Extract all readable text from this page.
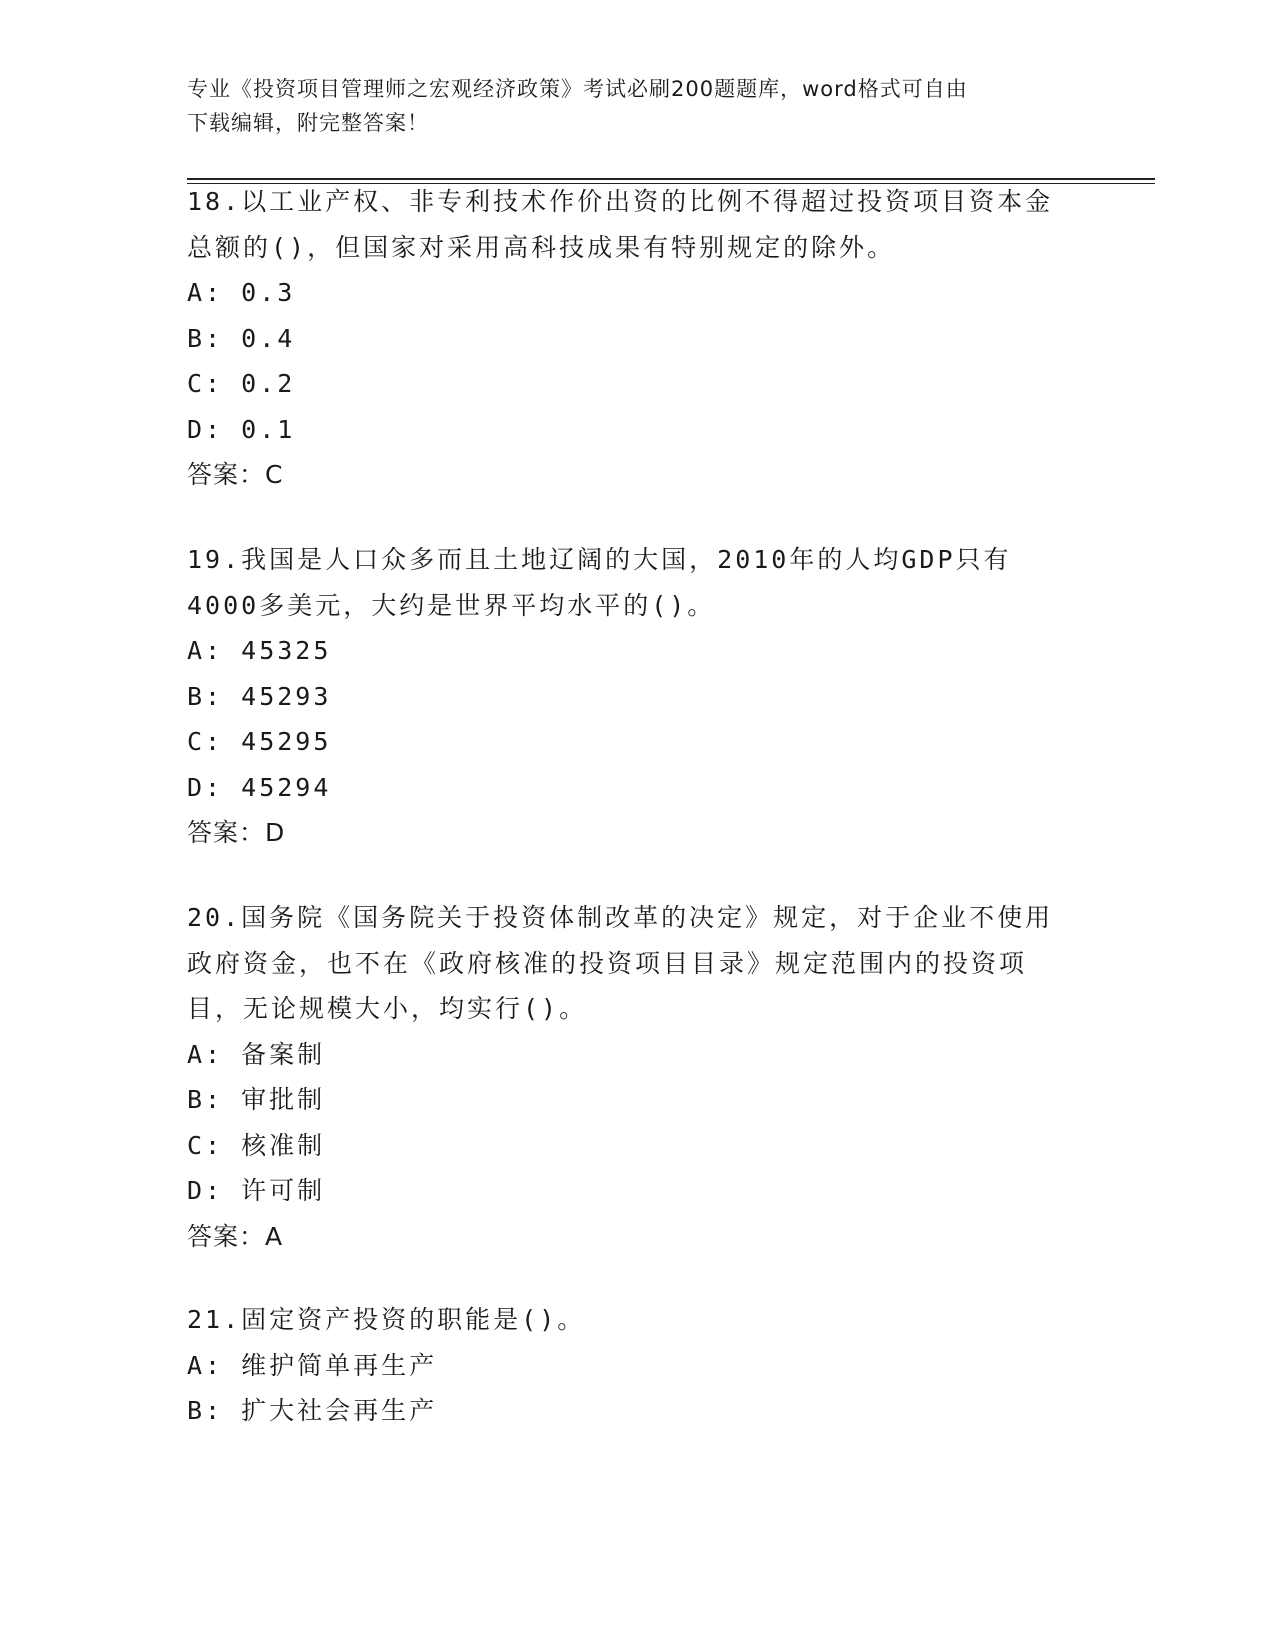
专业《投资项目管理师之宏观经济政策》考试必刷200题题库，word格式可自由
下载编辑，附完整答案！

18.以工业产权、非专利技术作价出资的比例不得超过投资项目资本金

总额的()，但国家对采用高科技成果有特别规定的除外。

A: 0.3

B: 0.4

C: 0.2

D: 0.1

答案：C

19.我国是人口众多而且土地辽阔的大国，2010年的人均GDP只有

4000多美元，大约是世界平均水平的()。

A: 45325

B: 45293

C: 45295

D: 45294

答案：D

20.国务院《国务院关于投资体制改革的决定》规定，对于企业不使用

政府资金，也不在《政府核准的投资项目目录》规定范围内的投资项

目，无论规模大小，均实行()。

A: 备案制

B: 审批制

C: 核准制

D: 许可制

答案：A

21.固定资产投资的职能是()。

A: 维护简单再生产

B: 扩大社会再生产
